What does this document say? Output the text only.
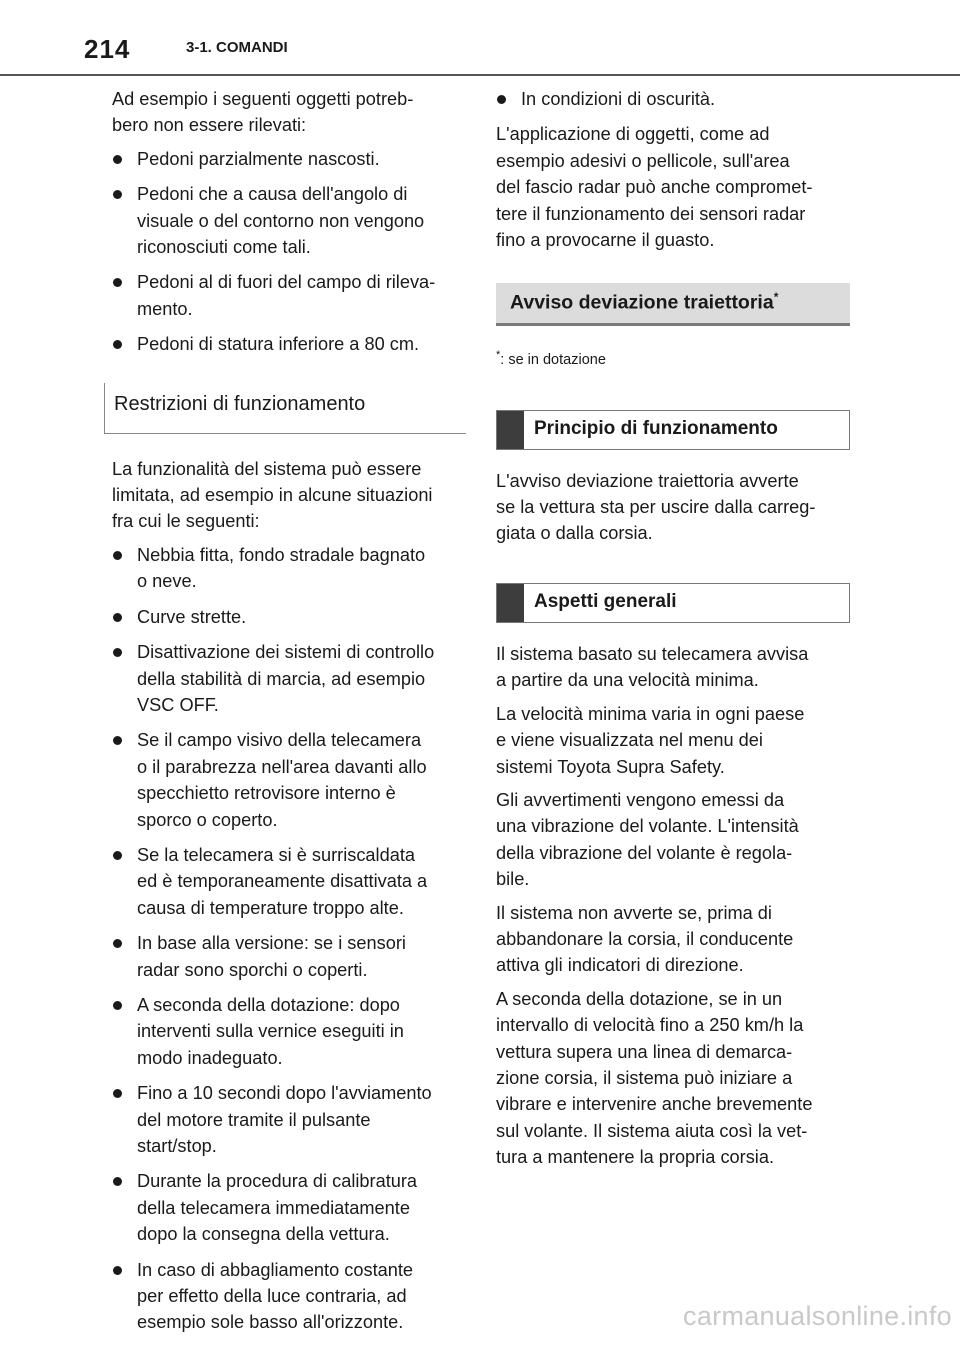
214	3-1. COMANDI

Ad esempio i seguenti oggetti potreb-
bero non essere rilevati:

Pedoni parzialmente nascosti.
Pedoni che a causa dell'angolo di
visuale o del contorno non vengono
riconosciuti come tali.
Pedoni al di fuori del campo di rileva-
mento.
Pedoni di statura inferiore a 80 cm.
Restrizioni di funzionamento

La funzionalità del sistema può essere
limitata, ad esempio in alcune situazioni
fra cui le seguenti:

Nebbia fitta, fondo stradale bagnato
o neve.
Curve strette.
Disattivazione dei sistemi di controllo
della stabilità di marcia, ad esempio
VSC OFF.
Se il campo visivo della telecamera
o il parabrezza nell'area davanti allo
specchietto retrovisore interno è
sporco o coperto.
Se la telecamera si è surriscaldata
ed è temporaneamente disattivata a
causa di temperature troppo alte.
In base alla versione: se i sensori
radar sono sporchi o coperti.
A seconda della dotazione: dopo
interventi sulla vernice eseguiti in
modo inadeguato.
Fino a 10 secondi dopo l'avviamento
del motore tramite il pulsante
start/stop.
Durante la procedura di calibratura
della telecamera immediatamente
dopo la consegna della vettura.
In caso di abbagliamento costante
per effetto della luce contraria, ad
esempio sole basso all'orizzonte.
In condizioni di oscurità.

L'applicazione di oggetti, come ad
esempio adesivi o pellicole, sull'area
del fascio radar può anche compromet-
tere il funzionamento dei sensori radar
fino a provocarne il guasto.

Avviso deviazione traiettoria*

*: se in dotazione

Principio di funzionamento

L'avviso deviazione traiettoria avverte
se la vettura sta per uscire dalla carreg-
giata o dalla corsia.

Aspetti generali

Il sistema basato su telecamera avvisa
a partire da una velocità minima.

La velocità minima varia in ogni paese
e viene visualizzata nel menu dei
sistemi Toyota Supra Safety.

Gli avvertimenti vengono emessi da
una vibrazione del volante. L'intensità
della vibrazione del volante è regola-
bile.

Il sistema non avverte se, prima di
abbandonare la corsia, il conducente
attiva gli indicatori di direzione.

A seconda della dotazione, se in un
intervallo di velocità fino a 250 km/h la
vettura supera una linea di demarca-
zione corsia, il sistema può iniziare a
vibrare e intervenire anche brevemente
sul volante. Il sistema aiuta così la vet-
tura a mantenere la propria corsia.

carmanualsonline.info
